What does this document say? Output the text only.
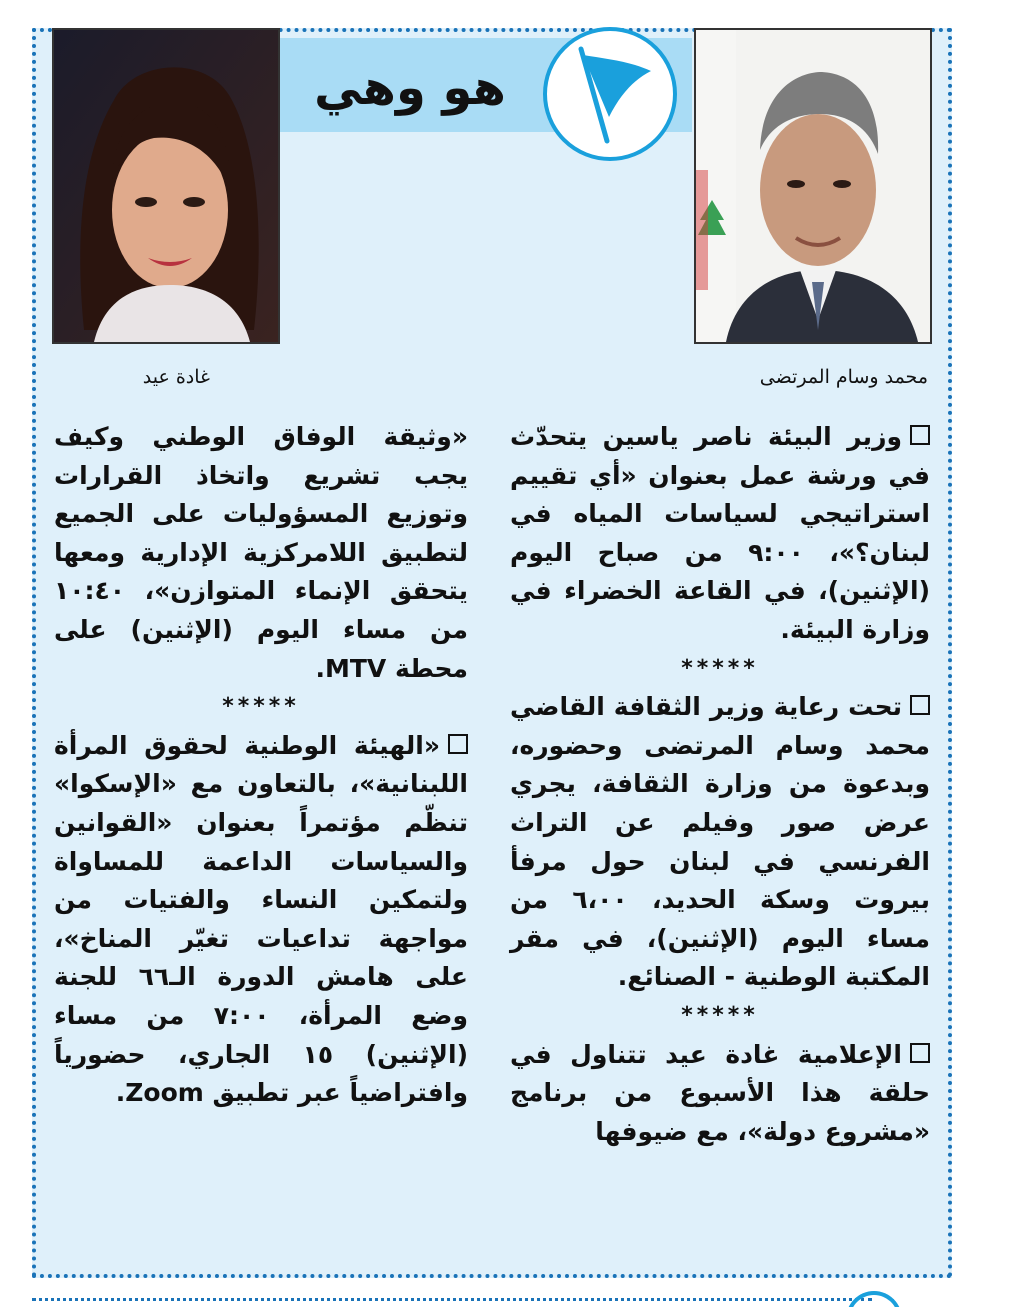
هو وهي
غادة عيد	محمد وسام المرتضى

وزير البيئة ناصر ياسين يتحدّث في ورشة عمل بعنوان «أي تقييم استراتيجي لسياسات المياه في لبنان؟»، ٩:٠٠ من صباح اليوم (الإثنين)، في القاعة الخضراء في وزارة البيئة.

*****

تحت رعاية وزير الثقافة القاضي محمد وسام المرتضى وحضوره، وبدعوة من وزارة الثقافة، يجري عرض صور وفيلم عن التراث الفرنسي في لبنان حول مرفأ بيروت وسكة الحديد، ٦،٠٠ من مساء اليوم (الإثنين)، في مقر المكتبة الوطنية - الصنائع.

*****

الإعلامية غادة عيد تتناول في حلقة هذا الأسبوع من برنامج «مشروع دولة»، مع ضيوفها

«وثيقة الوفاق الوطني وكيف يجب تشريع واتخاذ القرارات وتوزيع المسؤوليات على الجميع لتطبيق اللامركزية الإدارية ومعها يتحقق الإنماء المتوازن»، ١٠:٤٠ من مساء اليوم (الإثنين) على محطة MTV.

*****

«الهيئة الوطنية لحقوق المرأة اللبنانية»، بالتعاون مع «الإسكوا» تنظّم مؤتمراً بعنوان «القوانين والسياسات الداعمة للمساواة ولتمكين النساء والفتيات من مواجهة تداعيات تغيّر المناخ»، على هامش الدورة الـ٦٦ للجنة وضع المرأة، ٧:٠٠ من مساء (الإثنين) ١٥ الجاري، حضورياً وافتراضياً عبر تطبيق Zoom.
